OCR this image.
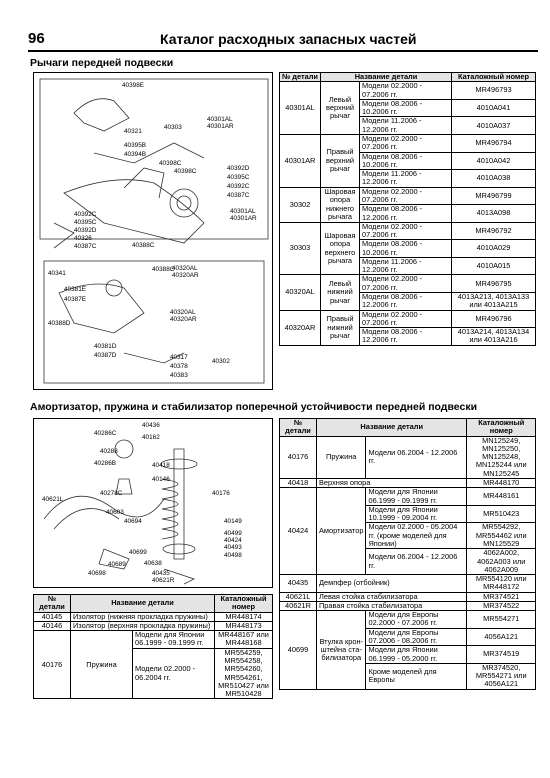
96	Каталог расходных запасных частей
Рычаги передней подвески
40398E
40301AL
40301AR
40303
40321
40395B
40394B
40398C
40398C	40392D
40395C
40392C
40387C
40392C
40395C
40392D
40326
40387C	40388C
40388C
40301AL
40301AR
40320AL
40320AR
40341
40381E
40387E
40388D
40320AL
40320AR
40381D
40387D	40317
40378
40383
40302
№ детали	Название детали		Каталожный номер
40301AL	Левый верхний рычаг	Модели 02.2000 - 07.2006 гг.	MR496793
		Модели 08.2006 - 10.2006 гг.	4010A041
		Модели 11.2006 - 12.2006 гг.	4010A037
40301AR	Правый верхний рычаг	Модели 02.2000 - 07.2006 гг.	MR496794
		Модели 08.2006 - 10.2006 гг.	4010A042
		Модели 11.2006 - 12.2006 гг.	4010A038
30302	Шаровая опора нижнего рычага	Модели 02.2000 - 07.2006 гг.	MR496799
		Модели 08.2006 - 12.2006 гг.	4013A098
30303	Шаровая опора верхнего рычага	Модели 02.2000 - 07.2006 гг.	MR496792
		Модели 08.2006 - 10.2006 гг.	4010A029
		Модели 11.2006 - 12.2006 гг.	4010A015
40320AL	Левый нижний рычаг	Модели 02.2000 - 07.2006 гг.	MR496795
		Модели 08.2006 - 12.2006 гг.	4013A213, 4013A133 или 4013A215
40320AR	Правый нижний рычаг	Модели 02.2000 - 07.2006 гг.	MR496796
		Модели 08.2006 - 12.2006 гг.	4013A214, 4013A134 или 4013A216
Амортизатор, пружина и стабилизатор поперечной устойчивости передней подвески
40436
40286C
40162
40288
40286B	40418
40146
40278C	40176
40621L
40603
40694	40149
40499
40424
40493
40498
40699
40689
40698
40638
40435
40621R
№ детали	Название детали		Каталожный номер
40145	Изолятор (нижняя прокладка пружины)		MR448174
40146	Изолятор (верхняя прокладка пружины)		MR448173
40176	Пружина	Модели для Японии 06.1999 - 09.1999 гг.	MR448167 или MR448168
		Модели 02.2000 - 06.2004 гг.	MR554259, MR554258, MR554260, MR554261, MR510427 или MR510428
№ детали	Название детали		Каталожный номер
40176	Пружина	Модели 06.2004 - 12.2006 гг.	MN125249, MN125250, MN125248, MN125244 или MN125245
40418	Верхняя опора		MR448170
40424	Амортизатор	Модели для Японии 06.1999 - 09.1999 гг.	MR448161
		Модели для Японии 10.1999 - 09.2004 гг.	MR510423
		Модели 02.2000 - 05.2004 гг. (кроме моделей для Японии)	MR554292, MR554462 или MN125529
		Модели 06.2004 - 12.2006 гг.	4062A002, 4062A003 или 4062A009
40435	Демпфер (отбойник)		MR554120 или MR448172
40621L	Левая стойка стабилизатора		MR374521
40621R	Правая стойка стабилизатора		MR374522
40699	Втулка крон-штейна ста-билизатора	Модели для Европы 02.2000 - 07.2006 гг.	MR554271
		Модели для Европы 07.2006 - 08.2006 гг.	4056A121
		Модели для Японии 06.1999 - 05.2000 гг.	MR374519
		Кроме моделей для Европы	MR374520, MR554271 или 4056A121
